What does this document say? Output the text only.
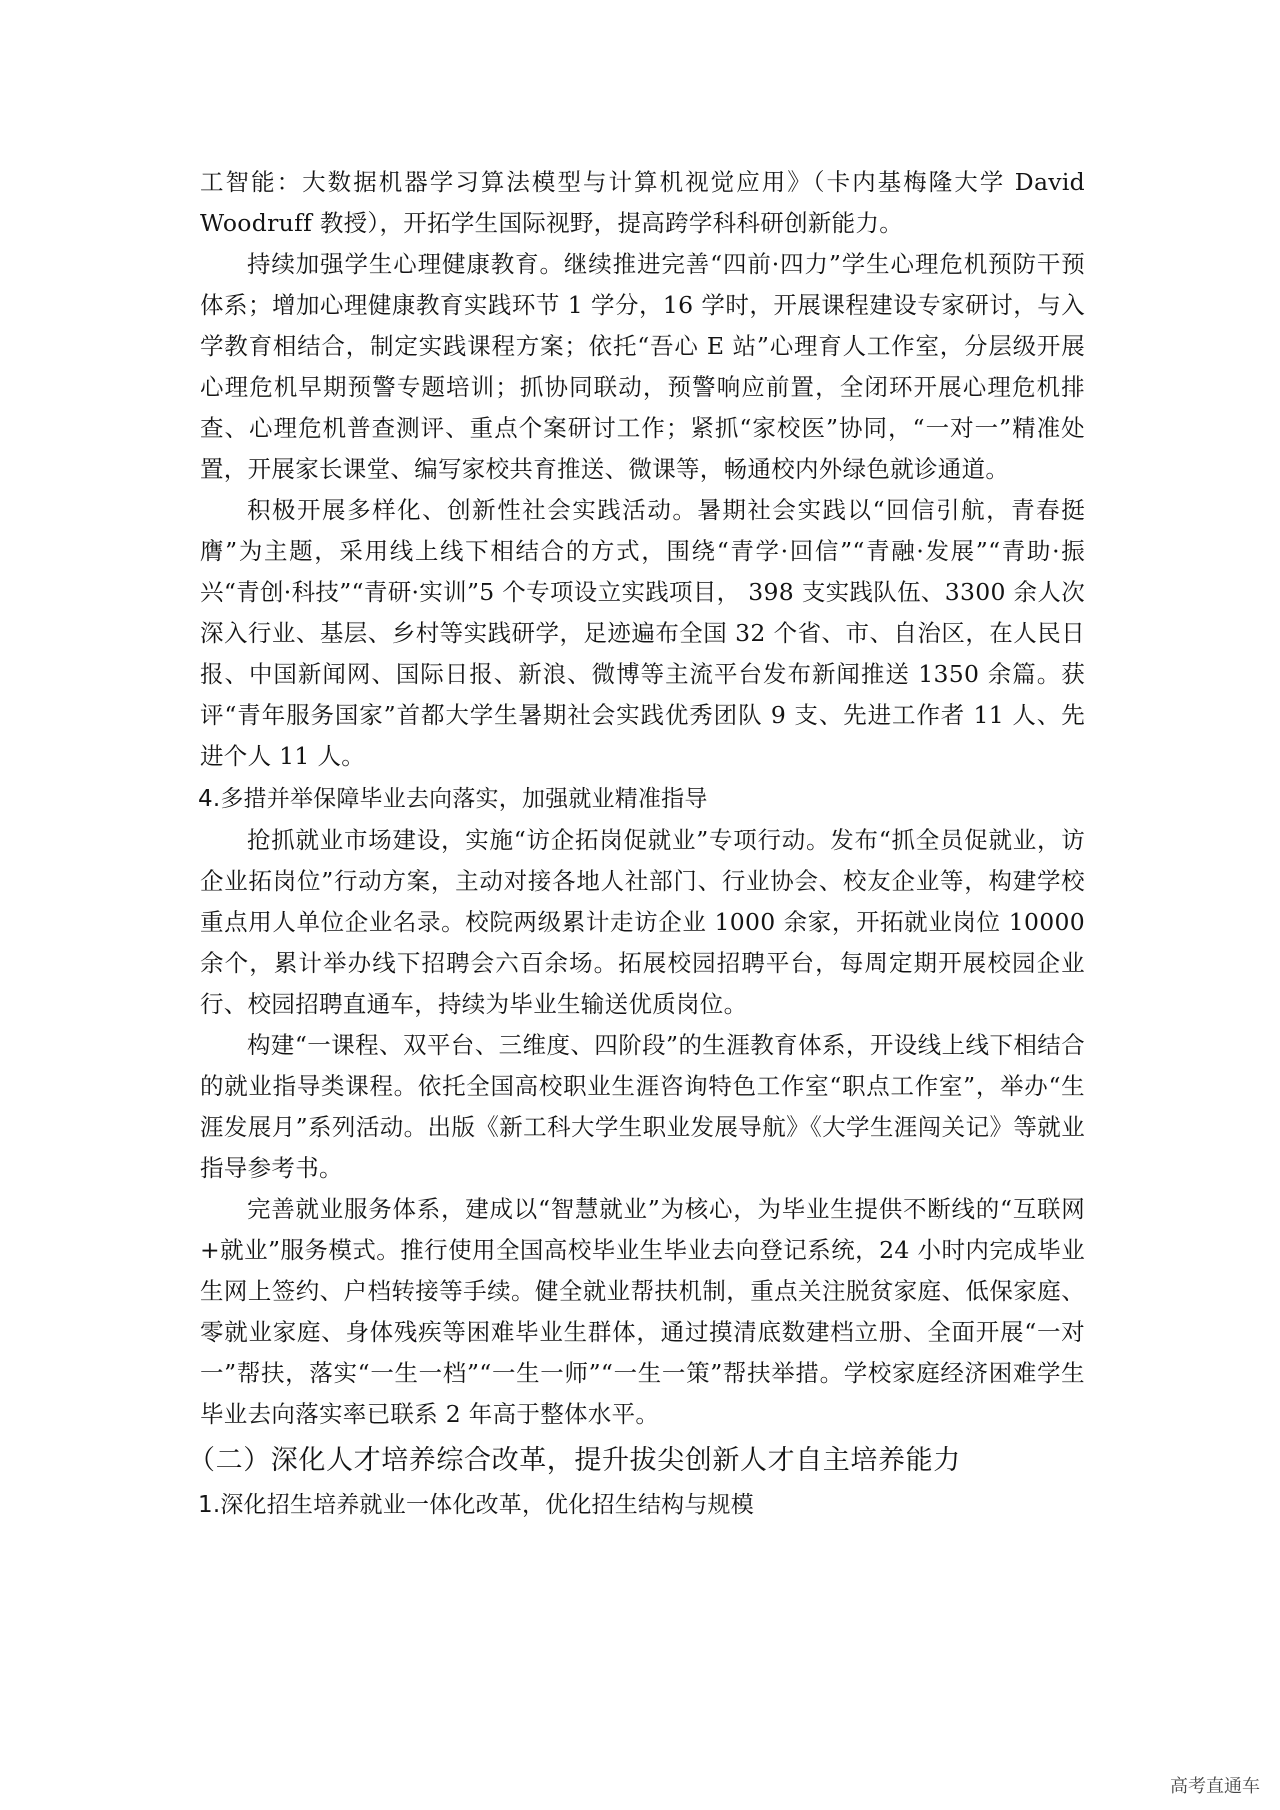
工智能：大数据机器学习算法模型与计算机视觉应用》（卡内基梅隆大学 David Woodruff 教授），开拓学生国际视野，提高跨学科科研创新能力。

持续加强学生心理健康教育。继续推进完善“四前·四力”学生心理危机预防干预体系；增加心理健康教育实践环节 1 学分，16 学时，开展课程建设专家研讨，与入学教育相结合，制定实践课程方案；依托“吾心 E 站”心理育人工作室，分层级开展心理危机早期预警专题培训；抓协同联动，预警响应前置，全闭环开展心理危机排查、心理危机普查测评、重点个案研讨工作；紧抓“家校医”协同，“一对一”精准处置，开展家长课堂、编写家校共育推送、微课等，畅通校内外绿色就诊通道。

积极开展多样化、创新性社会实践活动。暑期社会实践以“回信引航，青春挺膺”为主题，采用线上线下相结合的方式，围绕“青学·回信”“青融·发展”“青助·振兴“青创·科技”“青研·实训”5 个专项设立实践项目， 398 支实践队伍、3300 余人次深入行业、基层、乡村等实践研学，足迹遍布全国 32 个省、市、自治区，在人民日报、中国新闻网、国际日报、新浪、微博等主流平台发布新闻推送 1350 余篇。获评“青年服务国家”首都大学生暑期社会实践优秀团队 9 支、先进工作者 11 人、先进个人 11 人。

4.多措并举保障毕业去向落实，加强就业精准指导

抢抓就业市场建设，实施“访企拓岗促就业”专项行动。发布“抓全员促就业，访企业拓岗位”行动方案，主动对接各地人社部门、行业协会、校友企业等，构建学校重点用人单位企业名录。校院两级累计走访企业 1000 余家，开拓就业岗位 10000 余个，累计举办线下招聘会六百余场。拓展校园招聘平台，每周定期开展校园企业行、校园招聘直通车，持续为毕业生输送优质岗位。

构建“一课程、双平台、三维度、四阶段”的生涯教育体系，开设线上线下相结合的就业指导类课程。依托全国高校职业生涯咨询特色工作室“职点工作室”，举办“生涯发展月”系列活动。出版《新工科大学生职业发展导航》《大学生涯闯关记》等就业指导参考书。

完善就业服务体系，建成以“智慧就业”为核心，为毕业生提供不断线的“互联网+就业”服务模式。推行使用全国高校毕业生毕业去向登记系统，24 小时内完成毕业生网上签约、户档转接等手续。健全就业帮扶机制，重点关注脱贫家庭、低保家庭、零就业家庭、身体残疾等困难毕业生群体，通过摸清底数建档立册、全面开展“一对一”帮扶，落实“一生一档”“一生一师”“一生一策”帮扶举措。学校家庭经济困难学生毕业去向落实率已联系 2 年高于整体水平。

（二）深化人才培养综合改革，提升拔尖创新人才自主培养能力
1.深化招生培养就业一体化改革，优化招生结构与规模
高考直通车
